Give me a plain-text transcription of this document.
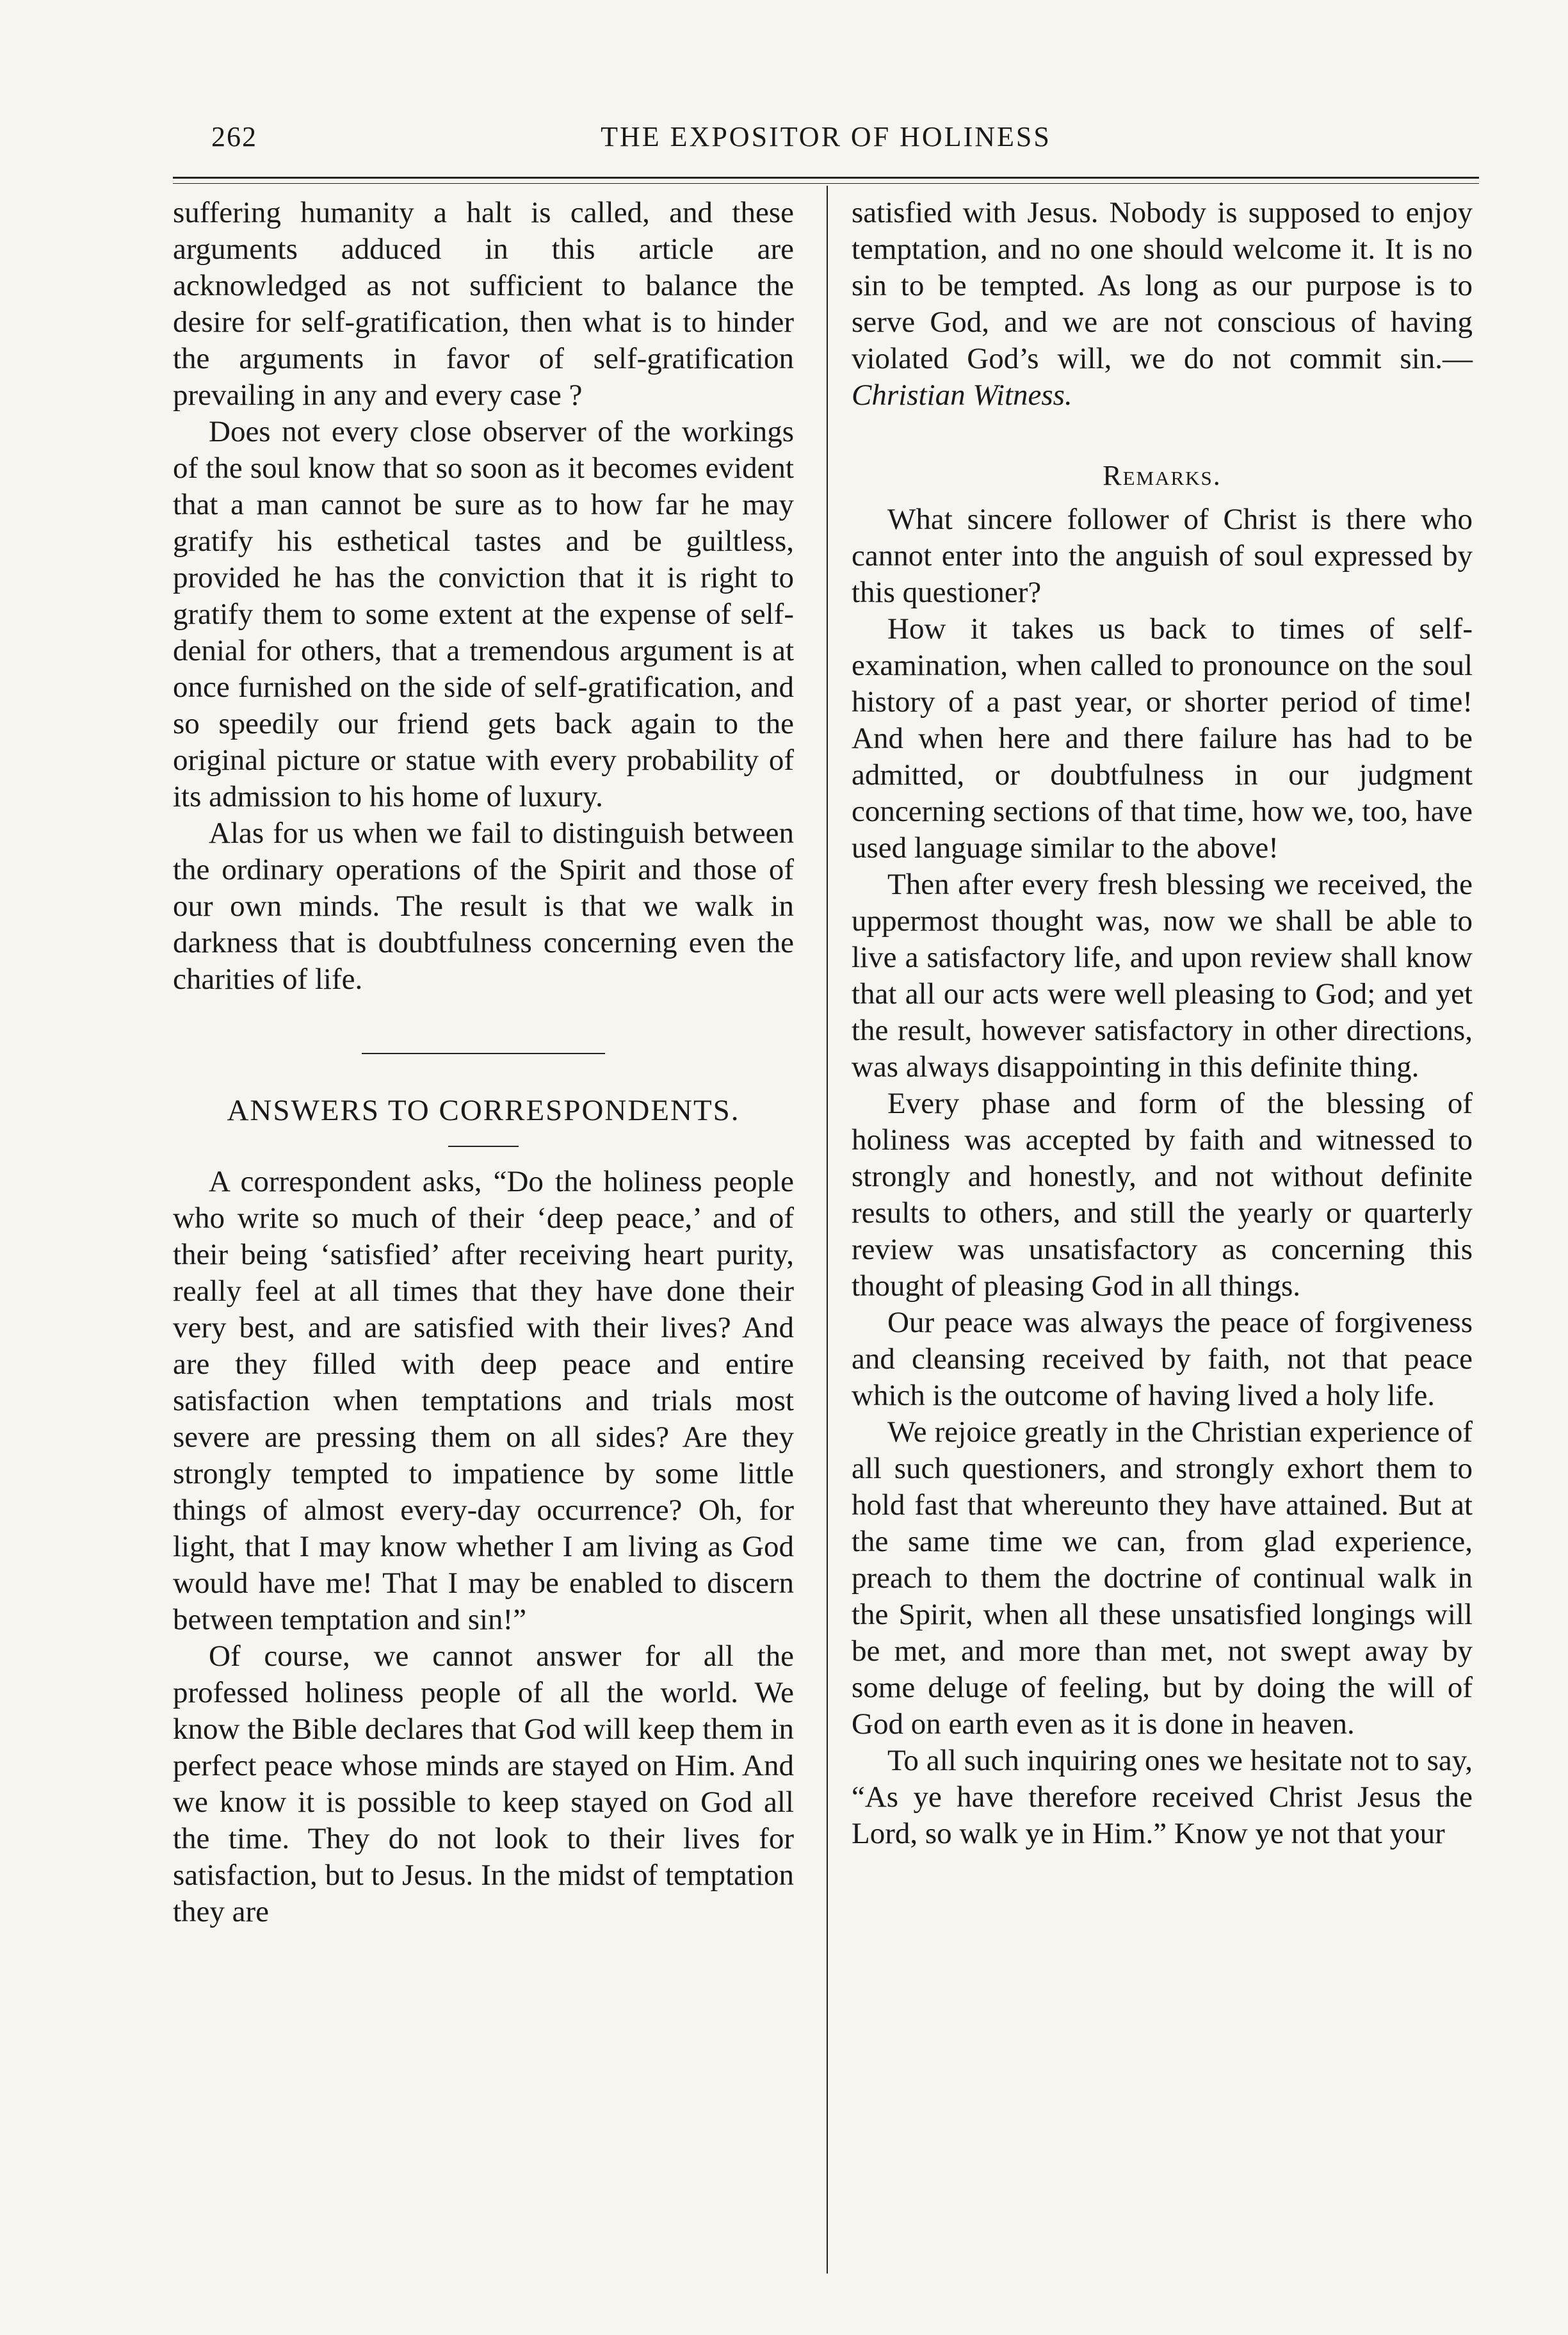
262	THE EXPOSITOR OF HOLINESS

suffering humanity a halt is called, and these arguments adduced in this article are acknowledged as not sufficient to balance the desire for self-gratification, then what is to hinder the arguments in favor of self-gratification prevailing in any and every case ?

Does not every close observer of the workings of the soul know that so soon as it becomes evident that a man cannot be sure as to how far he may gratify his esthetical tastes and be guiltless, provided he has the conviction that it is right to gratify them to some extent at the expense of self-denial for others, that a tremendous argument is at once furnished on the side of self-gratification, and so speedily our friend gets back again to the original picture or statue with every probability of its admission to his home of luxury.

Alas for us when we fail to distinguish between the ordinary operations of the Spirit and those of our own minds. The result is that we walk in darkness that is doubtfulness concerning even the charities of life.

ANSWERS TO CORRESPONDENTS.

A correspondent asks, “Do the holiness people who write so much of their ‘deep peace,’ and of their being ‘satisfied’ after receiving heart purity, really feel at all times that they have done their very best, and are satisfied with their lives? And are they filled with deep peace and entire satisfaction when temptations and trials most severe are pressing them on all sides? Are they strongly tempted to impatience by some little things of almost every-day occurrence? Oh, for light, that I may know whether I am living as God would have me! That I may be enabled to discern between temptation and sin!”

Of course, we cannot answer for all the professed holiness people of all the world. We know the Bible declares that God will keep them in perfect peace whose minds are stayed on Him. And we know it is possible to keep stayed on God all the time. They do not look to their lives for satisfaction, but to Jesus. In the midst of temptation they are

satisfied with Jesus. Nobody is supposed to enjoy temptation, and no one should welcome it. It is no sin to be tempted. As long as our purpose is to serve God, and we are not conscious of having violated God’s will, we do not commit sin.—Christian Witness.

Remarks.

What sincere follower of Christ is there who cannot enter into the anguish of soul expressed by this questioner?

How it takes us back to times of self-examination, when called to pronounce on the soul history of a past year, or shorter period of time! And when here and there failure has had to be admitted, or doubtfulness in our judgment concerning sections of that time, how we, too, have used language similar to the above!

Then after every fresh blessing we received, the uppermost thought was, now we shall be able to live a satisfactory life, and upon review shall know that all our acts were well pleasing to God; and yet the result, however satisfactory in other directions, was always disappointing in this definite thing.

Every phase and form of the blessing of holiness was accepted by faith and witnessed to strongly and honestly, and not without definite results to others, and still the yearly or quarterly review was unsatisfactory as concerning this thought of pleasing God in all things.

Our peace was always the peace of forgiveness and cleansing received by faith, not that peace which is the outcome of having lived a holy life.

We rejoice greatly in the Christian experience of all such questioners, and strongly exhort them to hold fast that whereunto they have attained. But at the same time we can, from glad experience, preach to them the doctrine of continual walk in the Spirit, when all these unsatisfied longings will be met, and more than met, not swept away by some deluge of feeling, but by doing the will of God on earth even as it is done in heaven.

To all such inquiring ones we hesitate not to say, “As ye have therefore received Christ Jesus the Lord, so walk ye in Him.” Know ye not that your
